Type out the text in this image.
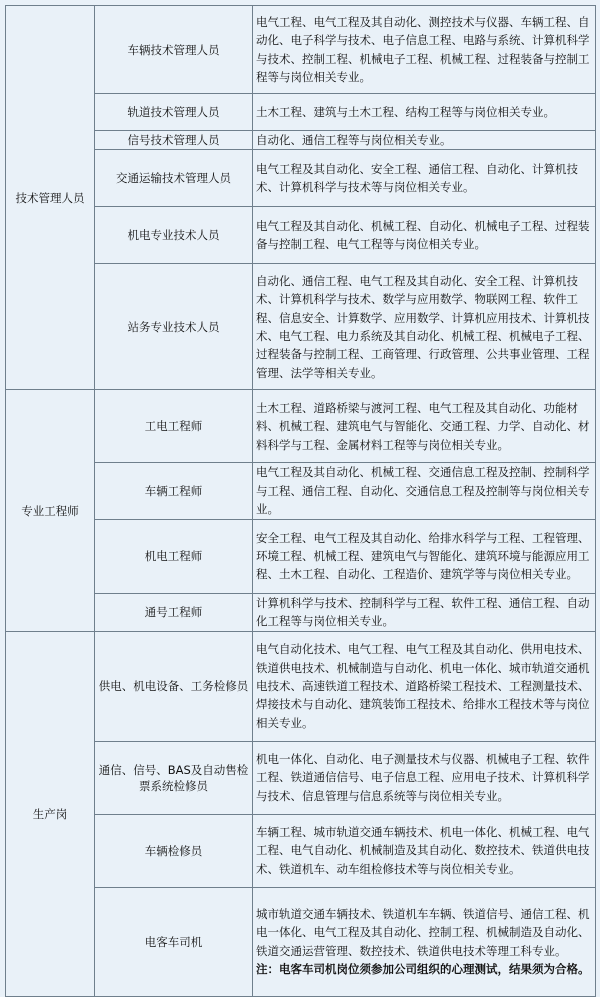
技术管理人员	车辆技术管理人员	电气工程、电气工程及其自动化、测控技术与仪器、车辆工程、自动化、电子科学与技术、电子信息工程、电路与系统、计算机科学与技术、控制工程、机械电子工程、机械工程、过程装备与控制工程等与岗位相关专业。
	轨道技术管理人员	土木工程、建筑与土木工程、结构工程等与岗位相关专业。
	信号技术管理人员	自动化、通信工程等与岗位相关专业。
	交通运输技术管理人员	电气工程及其自动化、安全工程、通信工程、自动化、计算机技术、计算机科学与技术等与岗位相关专业。
	机电专业技术人员	电气工程及其自动化、机械工程、自动化、机械电子工程、过程装备与控制工程、电气工程等与岗位相关专业。
	站务专业技术人员	自动化、通信工程、电气工程及其自动化、安全工程、计算机技术、计算机科学与技术、数学与应用数学、物联网工程、软件工程、信息安全、计算数学、应用数学、计算机应用技术、计算机技术、电气工程、电力系统及其自动化、机械工程、机械电子工程、过程装备与控制工程、工商管理、行政管理、公共事业管理、工程管理、法学等相关专业。
专业工程师	工电工程师	土木工程、道路桥梁与渡河工程、电气工程及其自动化、功能材料、机械工程、建筑电气与智能化、交通工程、力学、自动化、材料科学与工程、金属材料工程等与岗位相关专业。
	车辆工程师	电气工程及其自动化、机械工程、交通信息工程及控制、控制科学与工程、通信工程、自动化、交通信息工程及控制等与岗位相关专业。
	机电工程师	安全工程、电气工程及其自动化、给排水科学与工程、工程管理、环境工程、机械工程、建筑电气与智能化、建筑环境与能源应用工程、土木工程、自动化、工程造价、建筑学等与岗位相关专业。
	通号工程师	计算机科学与技术、控制科学与工程、软件工程、通信工程、自动化工程等与岗位相关专业。
生产岗	供电、机电设备、工务检修员	电气自动化技术、电气工程、电气工程及其自动化、供用电技术、铁道供电技术、机械制造与自动化、机电一体化、城市轨道交通机电技术、高速铁道工程技术、道路桥梁工程技术、工程测量技术、焊接技术与自动化、建筑装饰工程技术、给排水工程技术等与岗位相关专业。
	通信、信号、BAS及自动售检票系统检修员	机电一体化、自动化、电子测量技术与仪器、机械电子工程、软件工程、铁道通信信号、电子信息工程、应用电子技术、计算机科学与技术、信息管理与信息系统等与岗位相关专业。
	车辆检修员	车辆工程、城市轨道交通车辆技术、机电一体化、机械工程、电气工程、电气自动化、机械制造及其自动化、数控技术、铁道供电技术、铁道机车、动车组检修技术等与岗位相关专业。
	电客车司机	城市轨道交通车辆技术、铁道机车车辆、铁道信号、通信工程、机电一体化、电气工程及其自动化、控制工程、机械制造及自动化、铁道交通运营管理、数控技术、铁道供电技术等理工科专业。
注：电客车司机岗位须参加公司组织的心理测试，结果须为合格。
